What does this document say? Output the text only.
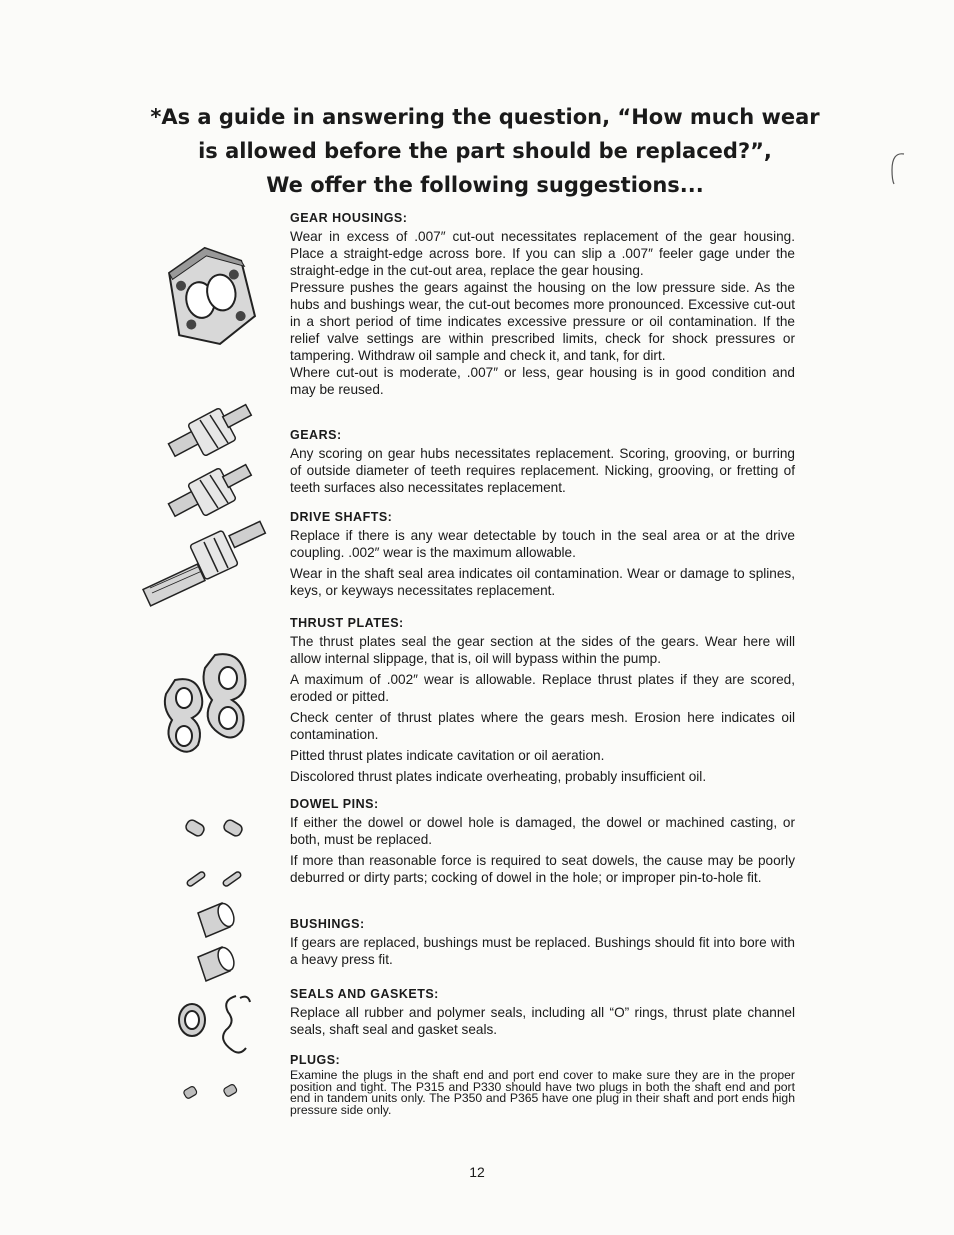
*As a guide in answering the question, “How much wear
is allowed before the part should be replaced?”,
We offer the following suggestions...
GEAR HOUSINGS:

Wear in excess of .007″ cut-out necessitates replacement of the gear housing. Place a straight-edge across bore. If you can slip a .007″ feeler gage under the straight-edge in the cut-out area, replace the gear housing.

Pressure pushes the gears against the housing on the low pressure side. As the hubs and bushings wear, the cut-out becomes more pronounced. Excessive cut-out in a short period of time indicates excessive pressure or oil contamination. If the relief valve settings are within prescribed limits, check for shock pressures or tampering. Withdraw oil sample and check it, and tank, for dirt.

Where cut-out is moderate, .007″ or less, gear housing is in good condition and may be reused.

GEARS:

Any scoring on gear hubs necessitates replacement. Scoring, grooving, or burring of outside diameter of teeth requires replacement. Nicking, grooving, or fretting of teeth surfaces also necessitates replacement.

DRIVE SHAFTS:

Replace if there is any wear detectable by touch in the seal area or at the drive coupling. .002″ wear is the maximum allowable.

Wear in the shaft seal area indicates oil contamination. Wear or damage to splines, keys, or keyways necessitates replacement.

THRUST PLATES:

The thrust plates seal the gear section at the sides of the gears. Wear here will allow internal slippage, that is, oil will bypass within the pump.

A maximum of .002″ wear is allowable. Replace thrust plates if they are scored, eroded or pitted.

Check center of thrust plates where the gears mesh. Erosion here indicates oil contamination.

Pitted thrust plates indicate cavitation or oil aeration.

Discolored thrust plates indicate overheating, probably insufficient oil.

DOWEL PINS:

If either the dowel or dowel hole is damaged, the dowel or machined casting, or both, must be replaced.

If more than reasonable force is required to seat dowels, the cause may be poorly deburred or dirty parts; cocking of dowel in the hole; or improper pin-to-hole fit.

BUSHINGS:

If gears are replaced, bushings must be replaced. Bushings should fit into bore with a heavy press fit.

SEALS AND GASKETS:

Replace all rubber and polymer seals, including all “O” rings, thrust plate channel seals, shaft seal and gasket seals.

PLUGS:

Examine the plugs in the shaft end and port end cover to make sure they are in the proper position and tight. The P315 and P330 should have two plugs in both the shaft end and port end in tandem units only. The P350 and P365 have one plug in their shaft and port ends high pressure side only.

12
